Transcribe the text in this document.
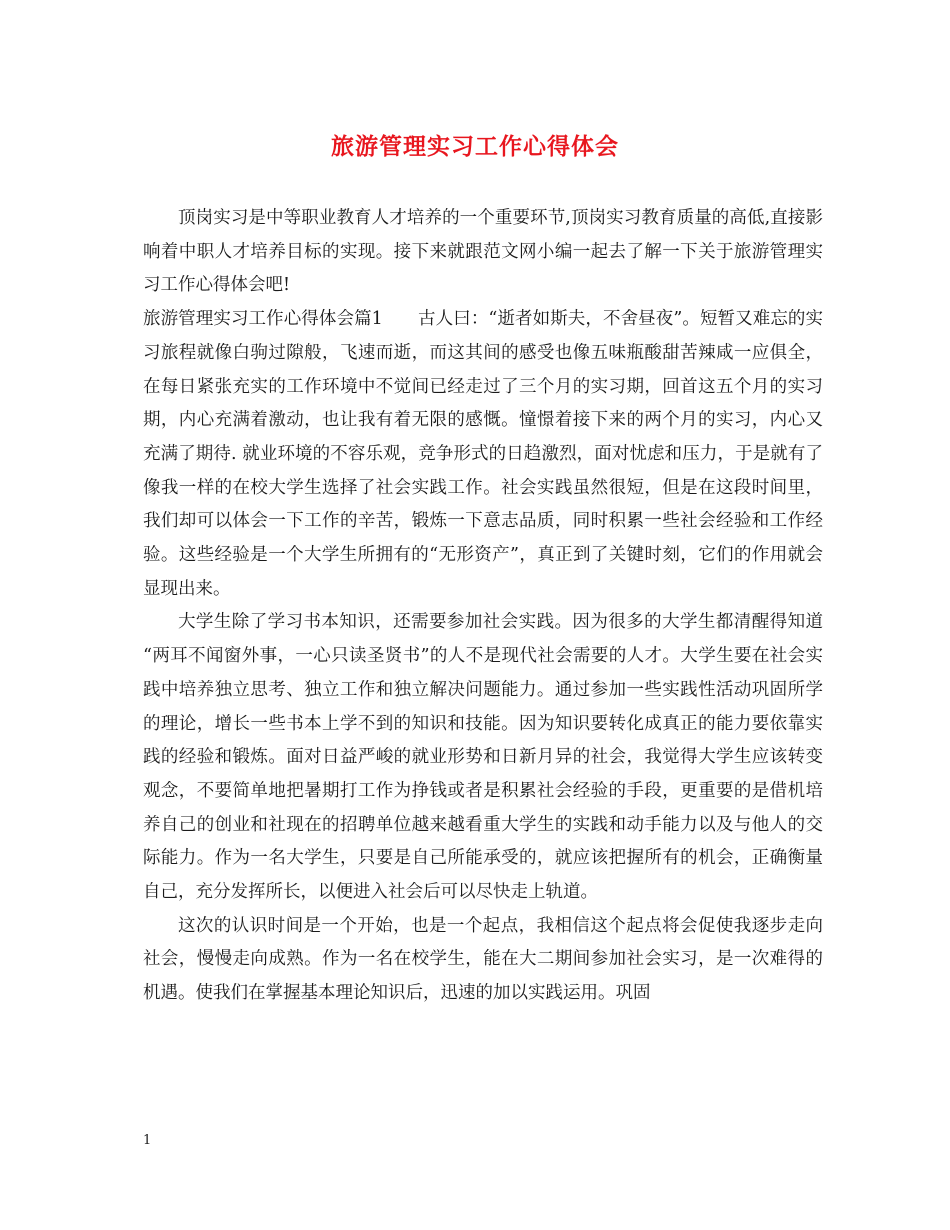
旅游管理实习工作心得体会

顶岗实习是中等职业教育人才培养的一个重要环节,顶岗实习教育质量的高低,直接影响着中职人才培养目标的实现。接下来就跟范文网小编一起去了解一下关于旅游管理实习工作心得体会吧!

旅游管理实习工作心得体会篇1　　古人曰：“逝者如斯夫，不舍昼夜”。短暂又难忘的实习旅程就像白驹过隙般，飞速而逝，而这其间的感受也像五味瓶酸甜苦辣咸一应俱全，在每日紧张充实的工作环境中不觉间已经走过了三个月的实习期，回首这五个月的实习期，内心充满着激动，也让我有着无限的感慨。憧憬着接下来的两个月的实习，内心又充满了期待. 就业环境的不容乐观，竞争形式的日趋激烈，面对忧虑和压力，于是就有了像我一样的在校大学生选择了社会实践工作。社会实践虽然很短，但是在这段时间里，我们却可以体会一下工作的辛苦，锻炼一下意志品质，同时积累一些社会经验和工作经验。这些经验是一个大学生所拥有的“无形资产”，真正到了关键时刻，它们的作用就会显现出来。

大学生除了学习书本知识，还需要参加社会实践。因为很多的大学生都清醒得知道 “两耳不闻窗外事，一心只读圣贤书”的人不是现代社会需要的人才。大学生要在社会实践中培养独立思考、独立工作和独立解决问题能力。通过参加一些实践性活动巩固所学的理论，增长一些书本上学不到的知识和技能。因为知识要转化成真正的能力要依靠实践的经验和锻炼。面对日益严峻的就业形势和日新月异的社会，我觉得大学生应该转变观念，不要简单地把暑期打工作为挣钱或者是积累社会经验的手段，更重要的是借机培养自己的创业和社现在的招聘单位越来越看重大学生的实践和动手能力以及与他人的交际能力。作为一名大学生，只要是自己所能承受的，就应该把握所有的机会，正确衡量自己，充分发挥所长，以便进入社会后可以尽快走上轨道。

这次的认识时间是一个开始，也是一个起点，我相信这个起点将会促使我逐步走向社会，慢慢走向成熟。作为一名在校学生，能在大二期间参加社会实习，是一次难得的机遇。使我们在掌握基本理论知识后，迅速的加以实践运用。巩固

1
